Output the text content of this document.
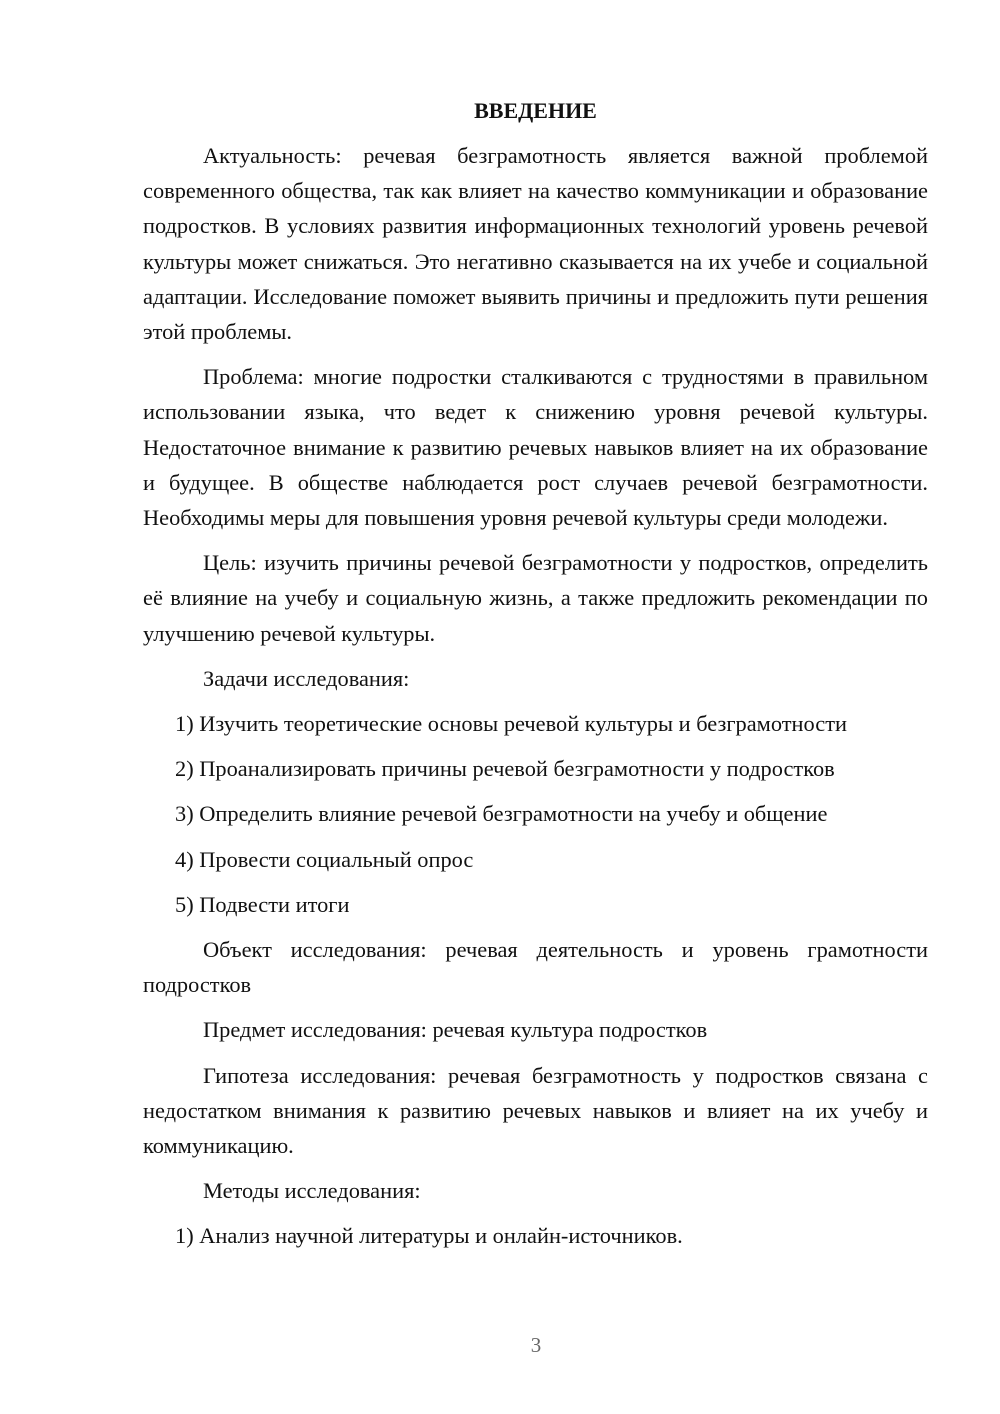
ВВЕДЕНИЕ

Актуальность: речевая безграмотность является важной проблемой современного общества, так как влияет на качество коммуникации и образование подростков. В условиях развития информационных технологий уровень речевой культуры может снижаться. Это негативно сказывается на их учебе и социальной адаптации. Исследование поможет выявить причины и предложить пути решения этой проблемы.

Проблема: многие подростки сталкиваются с трудностями в правильном использовании языка, что ведет к снижению уровня речевой культуры. Недостаточное внимание к развитию речевых навыков влияет на их образование и будущее. В обществе наблюдается рост случаев речевой безграмотности. Необходимы меры для повышения уровня речевой культуры среди молодежи.

Цель: изучить причины речевой безграмотности у подростков, определить её влияние на учебу и социальную жизнь, а также предложить рекомендации по улучшению речевой культуры.

Задачи исследования:
1) Изучить теоретические основы речевой культуры и безграмотности
2) Проанализировать причины речевой безграмотности у подростков
3) Определить влияние речевой безграмотности на учебу и общение
4) Провести социальный опрос
5) Подвести итоги

Объект исследования: речевая деятельность и уровень грамотности подростков

Предмет исследования: речевая культура подростков

Гипотеза исследования: речевая безграмотность у подростков связана с недостатком внимания к развитию речевых навыков и влияет на их учебу и коммуникацию.

Методы исследования:
1) Анализ научной литературы и онлайн-источников.
3
